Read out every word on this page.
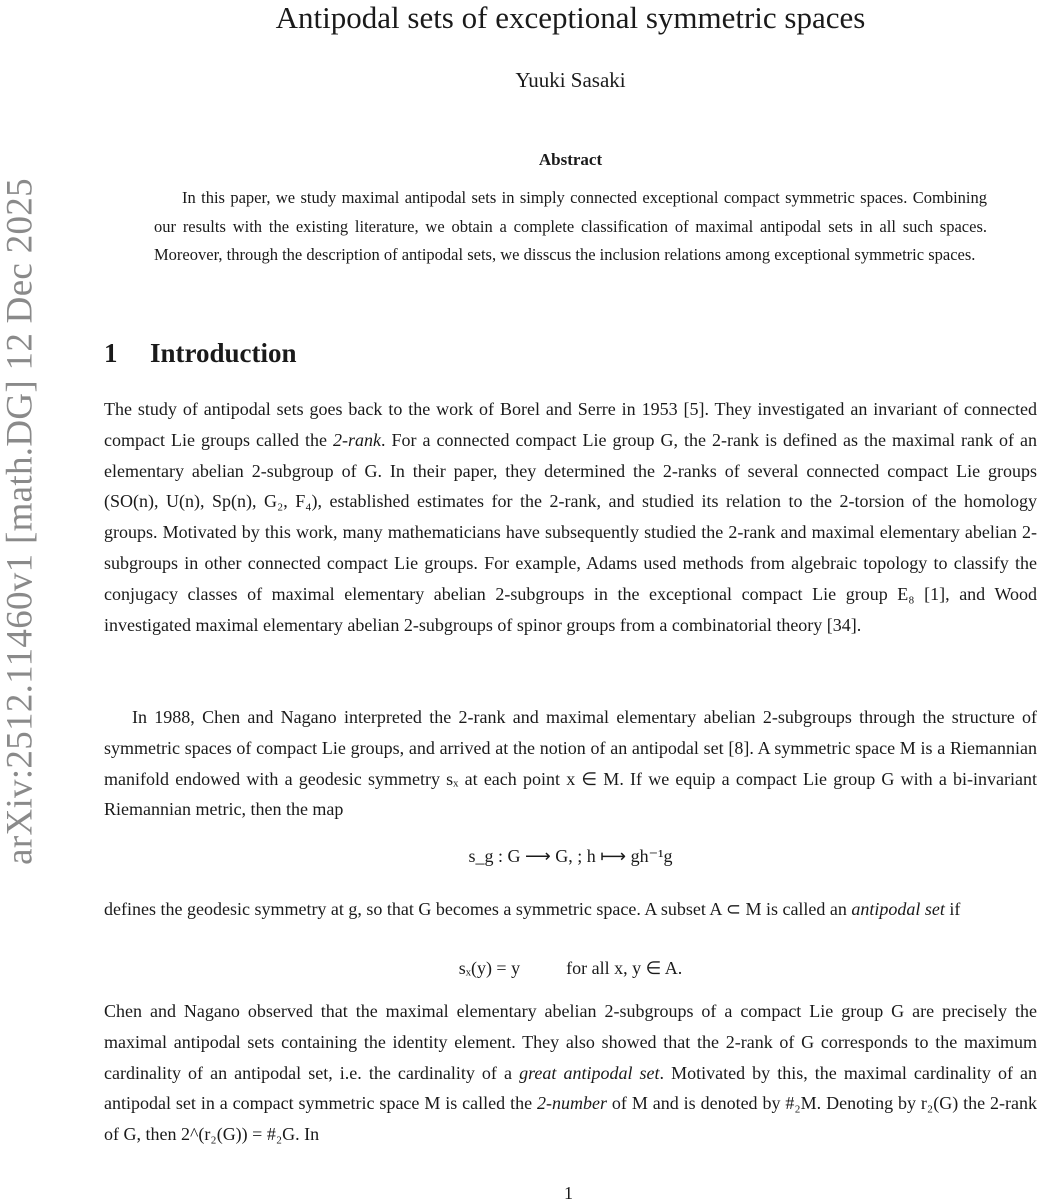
arXiv:2512.11460v1 [math.DG] 12 Dec 2025
Antipodal sets of exceptional symmetric spaces
Yuuki Sasaki
Abstract

In this paper, we study maximal antipodal sets in simply connected exceptional compact symmetric spaces. Combining our results with the existing literature, we obtain a complete classification of maximal antipodal sets in all such spaces. Moreover, through the description of antipodal sets, we disscus the inclusion relations among exceptional symmetric spaces.

1 Introduction

The study of antipodal sets goes back to the work of Borel and Serre in 1953 [5]. They investigated an invariant of connected compact Lie groups called the 2-rank. For a connected compact Lie group G, the 2-rank is defined as the maximal rank of an elementary abelian 2-subgroup of G. In their paper, they determined the 2-ranks of several connected compact Lie groups (SO(n), U(n), Sp(n), G₂, F₄), established estimates for the 2-rank, and studied its relation to the 2-torsion of the homology groups. Motivated by this work, many mathematicians have subsequently studied the 2-rank and maximal elementary abelian 2-subgroups in other connected compact Lie groups. For example, Adams used methods from algebraic topology to classify the conjugacy classes of maximal elementary abelian 2-subgroups in the exceptional compact Lie group E₈ [1], and Wood investigated maximal elementary abelian 2-subgroups of spinor groups from a combinatorial theory [34].

In 1988, Chen and Nagano interpreted the 2-rank and maximal elementary abelian 2-subgroups through the structure of symmetric spaces of compact Lie groups, and arrived at the notion of an antipodal set [8]. A symmetric space M is a Riemannian manifold endowed with a geodesic symmetry sₓ at each point x ∈ M. If we equip a compact Lie group G with a bi-invariant Riemannian metric, then the map

s_g : G ⟶ G, ; h ⟼ gh⁻¹g

defines the geodesic symmetry at g, so that G becomes a symmetric space. A subset A ⊂ M is called an antipodal set if

sₓ(y) = y	for all x, y ∈ A.

Chen and Nagano observed that the maximal elementary abelian 2-subgroups of a compact Lie group G are precisely the maximal antipodal sets containing the identity element. They also showed that the 2-rank of G corresponds to the maximum cardinality of an antipodal set, i.e. the cardinality of a great antipodal set. Motivated by this, the maximal cardinality of an antipodal set in a compact symmetric space M is called the 2-number of M and is denoted by #₂M. Denoting by r₂(G) the 2-rank of G, then 2^(r₂(G)) = #₂G. In

1
